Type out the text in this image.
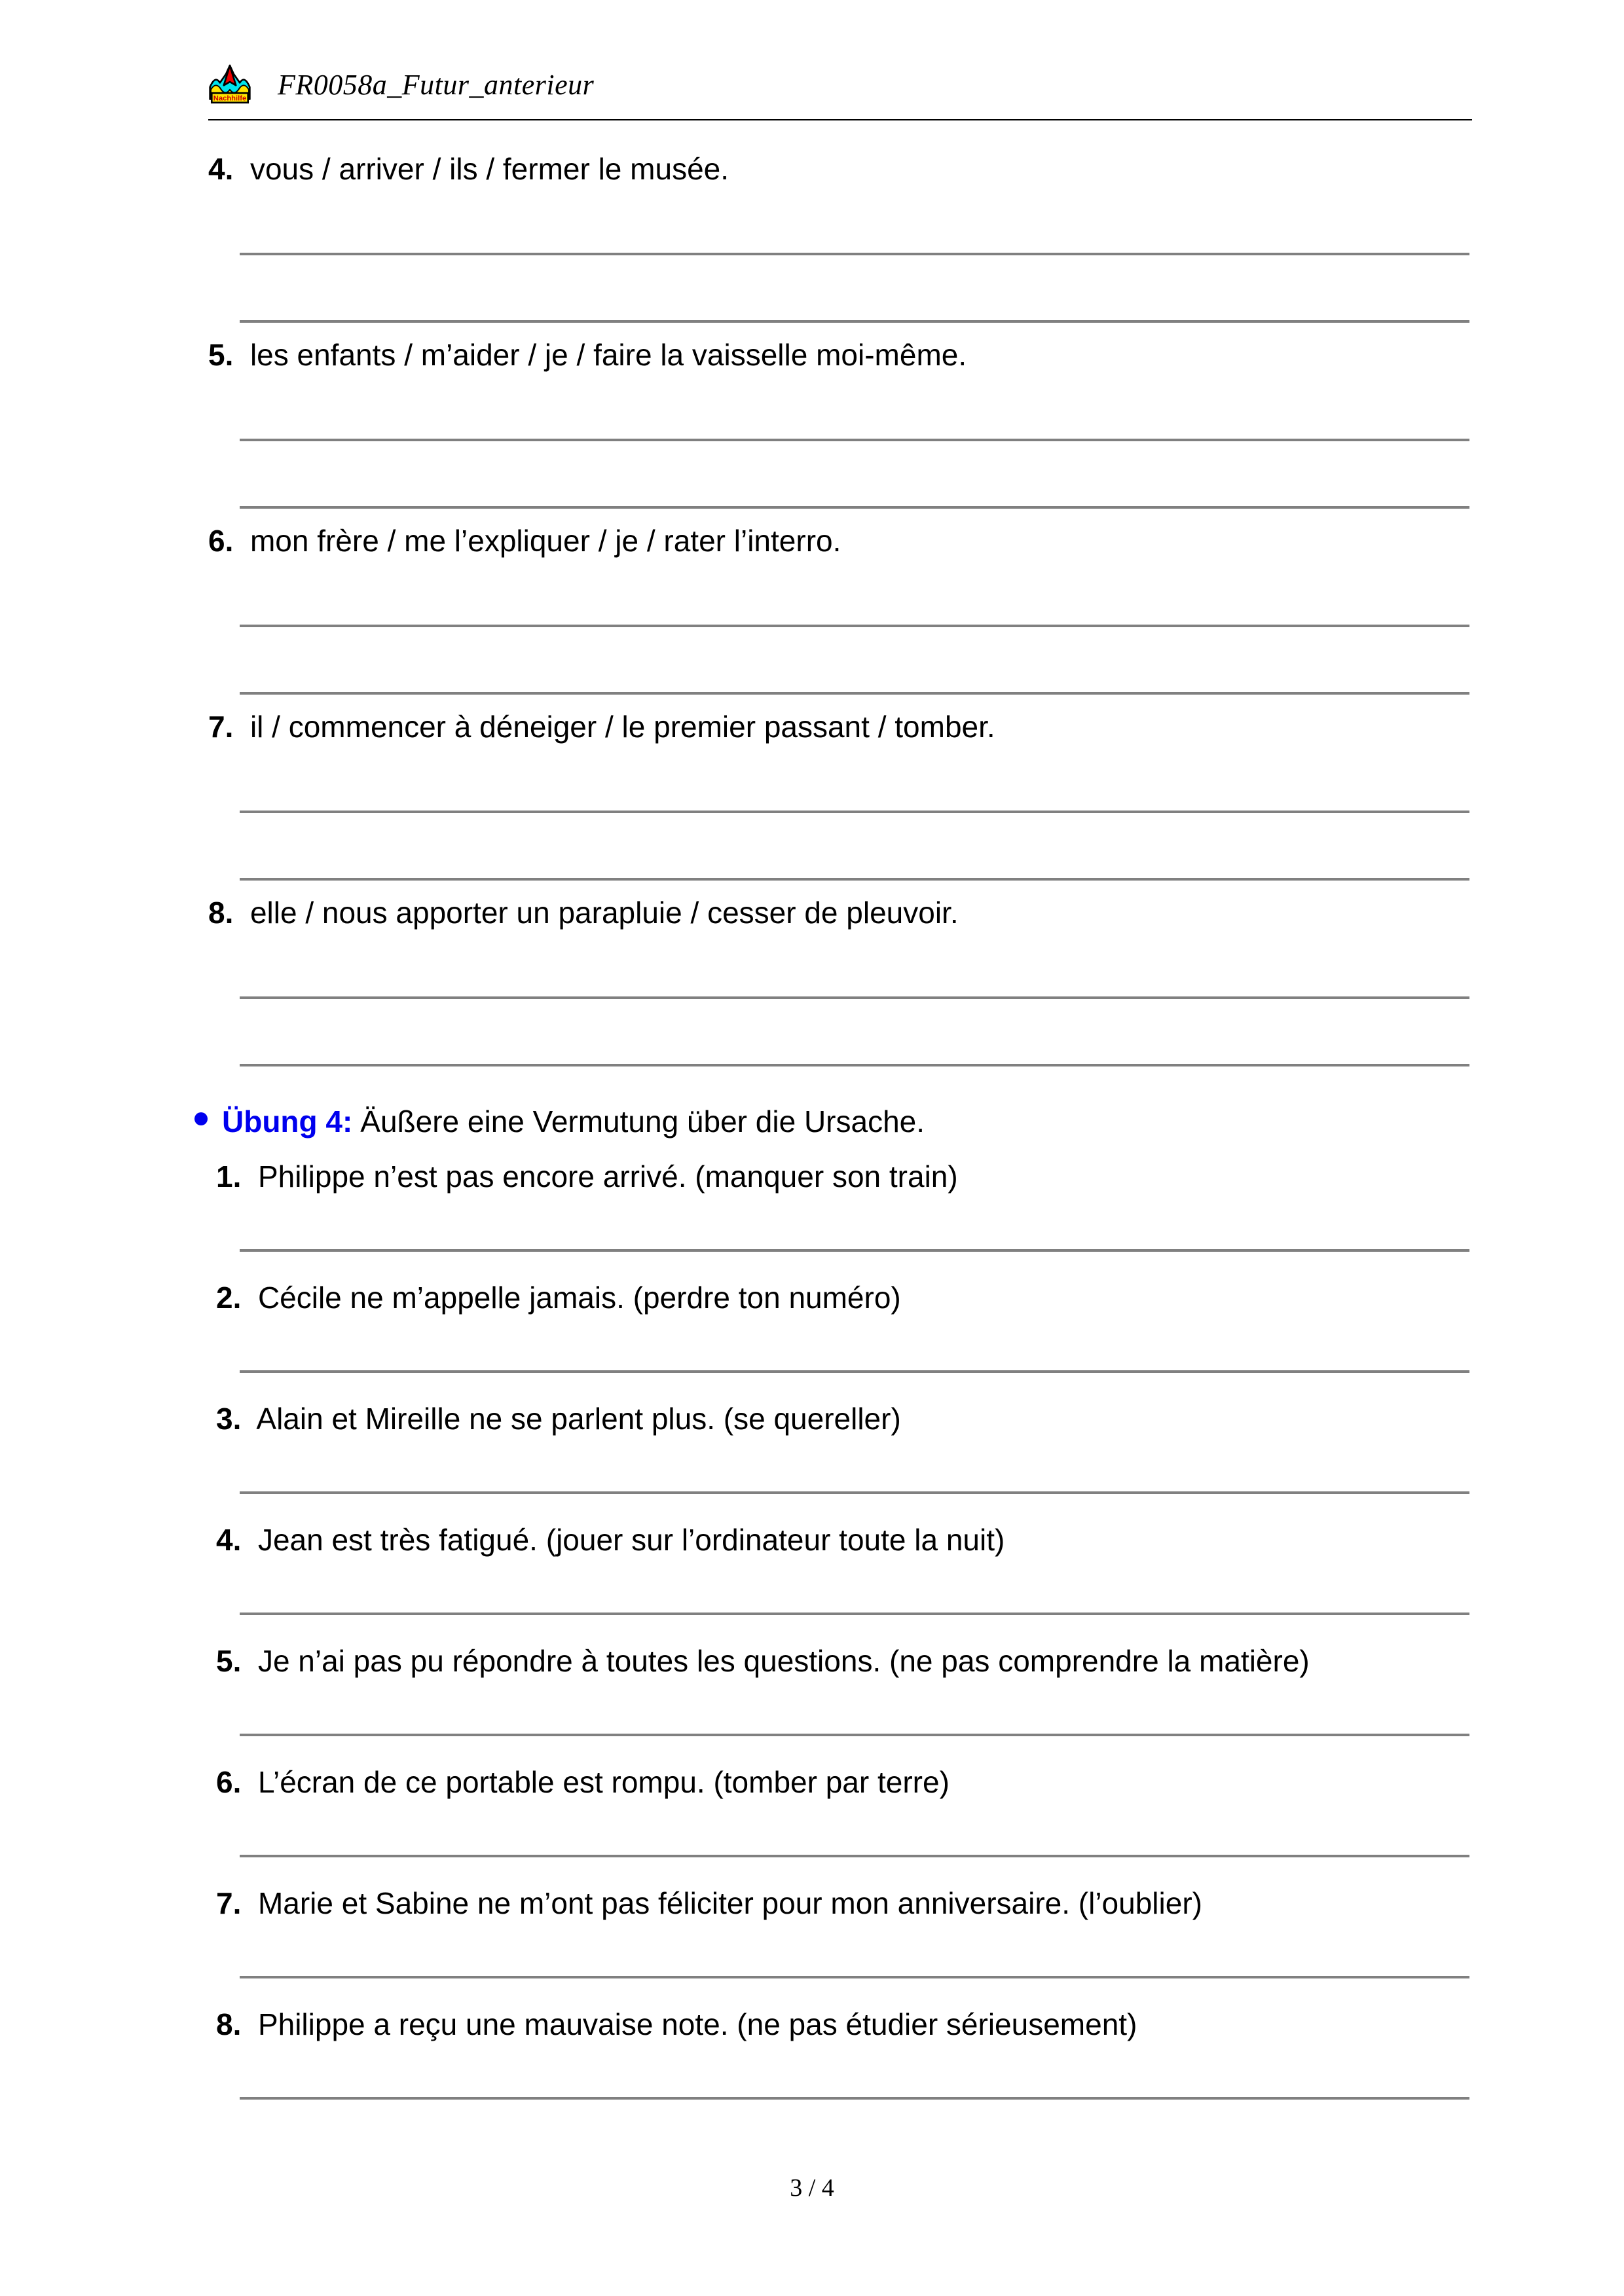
Nachhilfe FR0058a_Futur_anterieur
4.  vous / arriver / ils / fermer le musée.
5.  les enfants / m’aider / je / faire la vaisselle moi-même.
6.  mon frère / me l’expliquer / je / rater l’interro.
7.  il / commencer à déneiger / le premier passant / tomber.
8.  elle / nous apporter un parapluie / cesser de pleuvoir.
Übung 4: Äußere eine Vermutung über die Ursache.
1.  Philippe n’est pas encore arrivé. (manquer son train)
2.  Cécile ne m’appelle jamais. (perdre ton numéro)
3.  Alain et Mireille ne se parlent plus. (se quereller)
4.  Jean est très fatigué. (jouer sur l’ordinateur toute la nuit)
5.  Je n’ai pas pu répondre à toutes les questions. (ne pas comprendre la matière)
6.  L’écran de ce portable est rompu. (tomber par terre)
7.  Marie et Sabine ne m’ont pas féliciter pour mon anniversaire. (l’oublier)
8.  Philippe a reçu une mauvaise note. (ne pas étudier sérieusement)
3 / 4
